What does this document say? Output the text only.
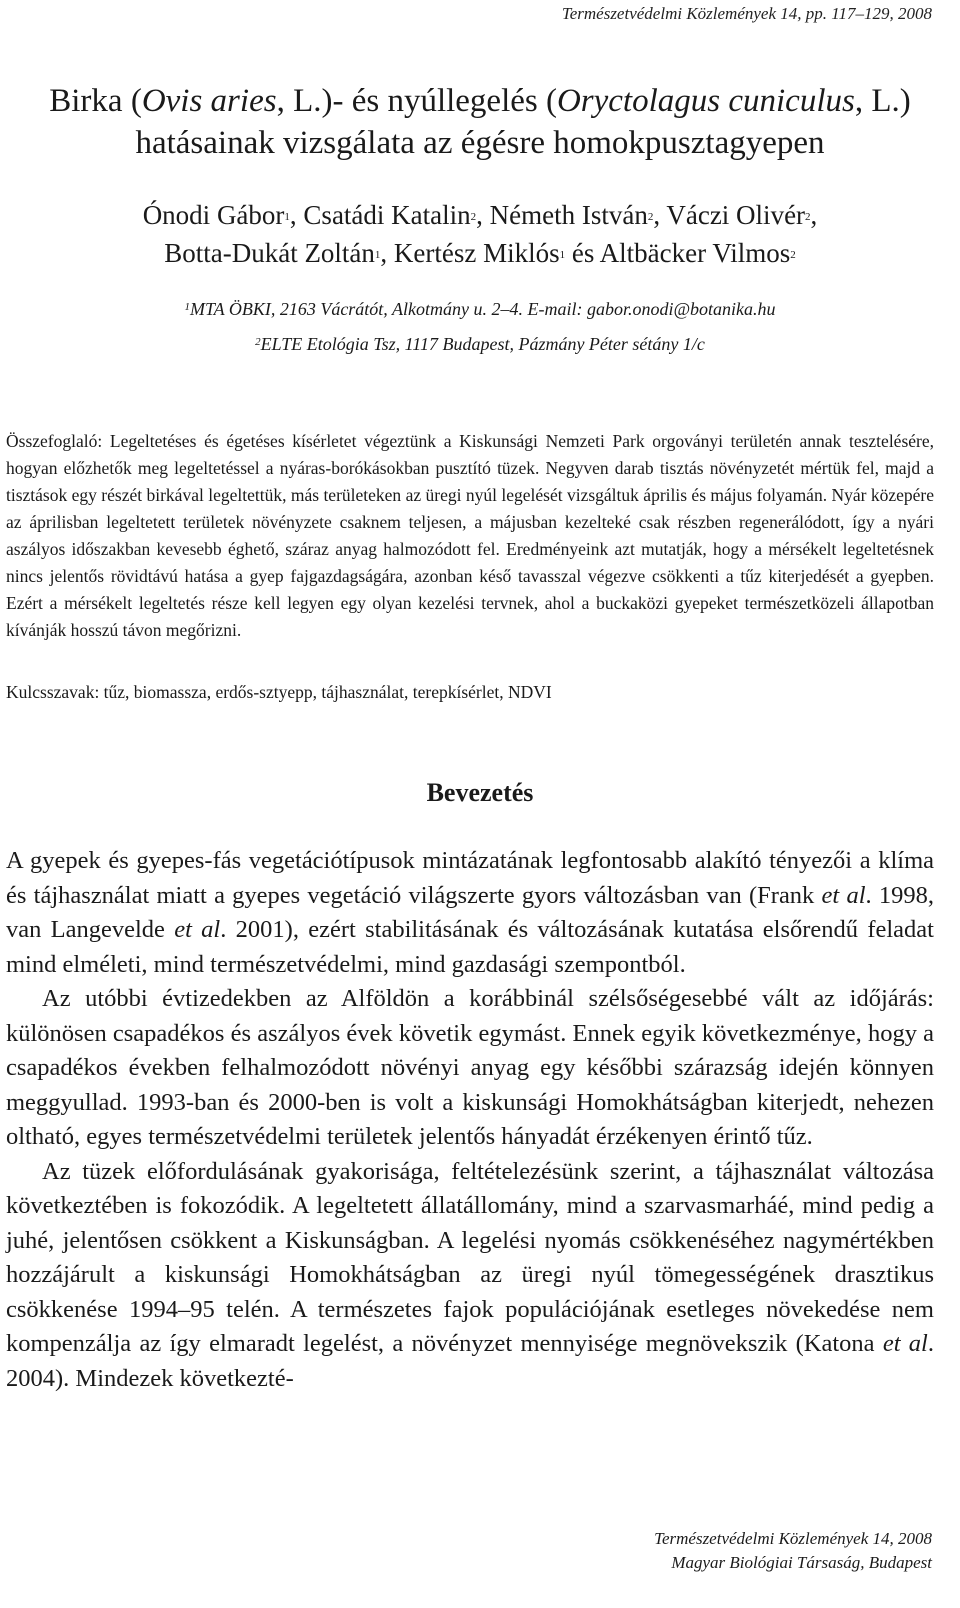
Természetvédelmi Közlemények 14, pp. 117–129, 2008
Birka (Ovis aries, L.)- és nyúllegelés (Oryctolagus cuniculus, L.)
hatásainak vizsgálata az égésre homokpusztagyepen
Ónodi Gábor$^1$, Csatádi Katalin$^2$, Németh István$^2$, Váczi Olivér$^2$,
Botta-Dukát Zoltán$^1$, Kertész Miklós$^1$ és Altbäcker Vilmos$^2$
$^1$MTA ÖBKI, 2163 Vácrátót, Alkotmány u. 2–4. E-mail: gabor.onodi@botanika.hu
$^2$ELTE Etológia Tsz, 1117 Budapest, Pázmány Péter sétány 1/c
Összefoglaló: Legeltetéses és égetéses kísérletet végeztünk a Kiskunsági Nemzeti Park orgoványi területén annak tesztelésére, hogyan előzhetők meg legeltetéssel a nyáras-borókásokban pusztító tüzek. Negyven darab tisztás növényzetét mértük fel, majd a tisztások egy részét birkával legeltettük, más területeken az üregi nyúl legelését vizsgáltuk április és május folyamán. Nyár közepére az áprilisban legeltetett területek növényzete csaknem teljesen, a májusban kezelteké csak részben regenerálódott, így a nyári aszályos időszakban kevesebb éghető, száraz anyag halmozódott fel. Eredményeink azt mutatják, hogy a mérsékelt legeltetésnek nincs jelentős rövidtávú hatása a gyep fajgazdagságára, azonban késő tavasszal végezve csökkenti a tűz kiterjedését a gyepben. Ezért a mérsékelt legeltetés része kell legyen egy olyan kezelési tervnek, ahol a buckaközi gyepeket természetközeli állapotban kívánják hosszú távon megőrizni.
Kulcsszavak: tűz, biomassza, erdős-sztyepp, tájhasználat, terepkísérlet, NDVI
Bevezetés

A gyepek és gyepes-fás vegetációtípusok mintázatának legfontosabb alakító tényezői a klíma és tájhasználat miatt a gyepes vegetáció világszerte gyors változásban van (Frank et al. 1998, van Langevelde et al. 2001), ezért stabilitásának és változásának kutatása elsőrendű feladat mind elméleti, mind természetvédelmi, mind gazdasági szempontból.

Az utóbbi évtizedekben az Alföldön a korábbinál szélsőségesebbé vált az időjárás: különösen csapadékos és aszályos évek követik egymást. Ennek egyik következménye, hogy a csapadékos években felhalmozódott növényi anyag egy későbbi szárazság idején könnyen meggyullad. 1993-ban és 2000-ben is volt a kiskunsági Homokhátságban kiterjedt, nehezen oltható, egyes természetvédelmi területek jelentős hányadát érzékenyen érintő tűz.

Az tüzek előfordulásának gyakorisága, feltételezésünk szerint, a tájhasználat változása következtében is fokozódik. A legeltetett állatállomány, mind a szarvasmarháé, mind pedig a juhé, jelentősen csökkent a Kiskunságban. A legelési nyomás csökkenéséhez nagymértékben hozzájárult a kiskunsági Homokhátságban az üregi nyúl tömegességének drasztikus csökkenése 1994–95 telén. A természetes fajok populációjának esetleges növekedése nem kompenzálja az így elmaradt legelést, a növényzet mennyisége megnövekszik (Katona et al. 2004). Mindezek következté-

Természetvédelmi Közlemények 14, 2008
Magyar Biológiai Társaság, Budapest
